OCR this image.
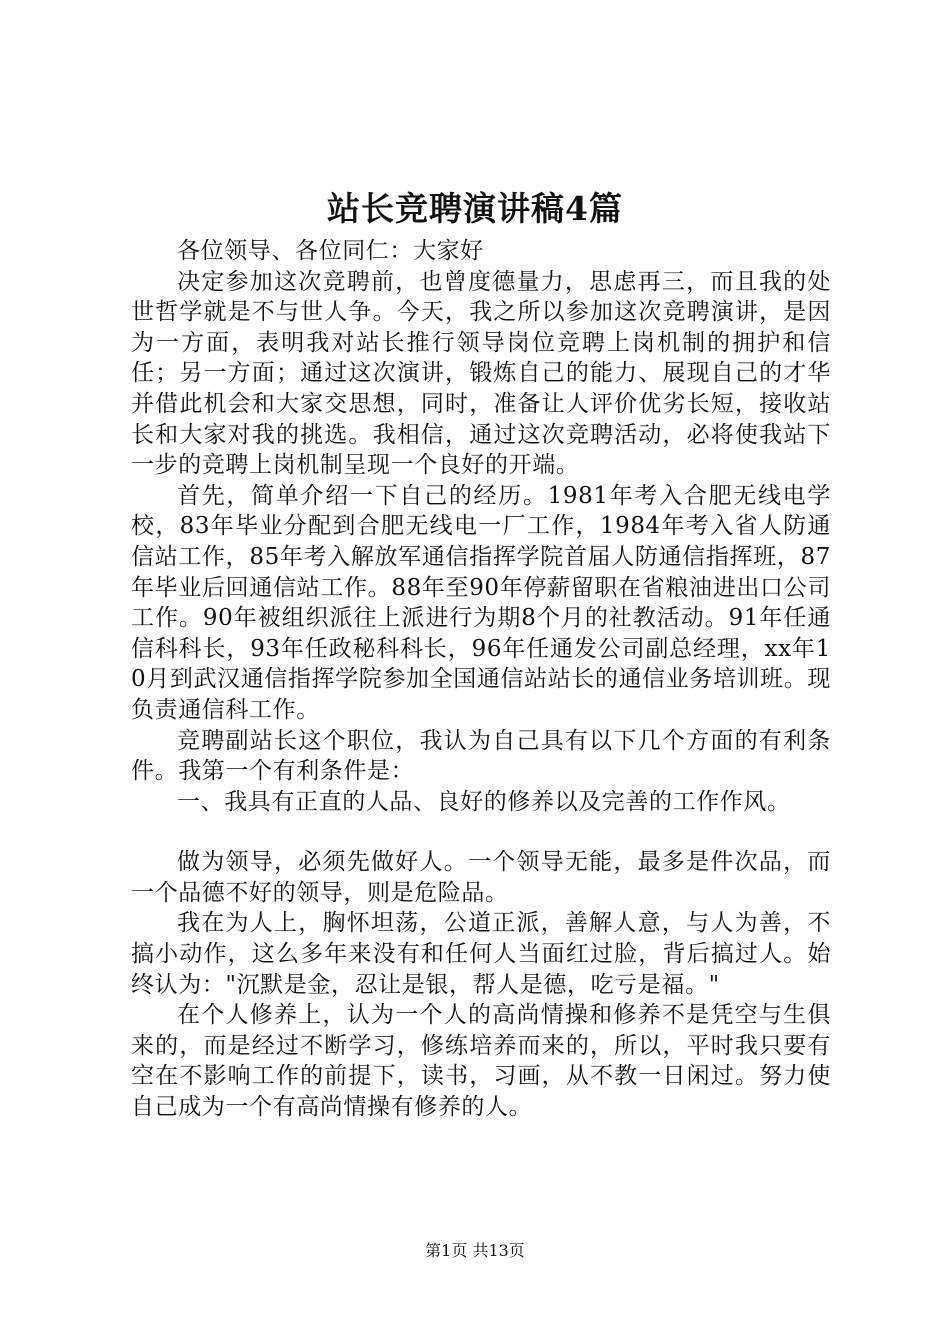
站长竞聘演讲稿4篇

各位领导、各位同仁：大家好

决定参加这次竞聘前，也曾度德量力，思虑再三，而且我的处世哲学就是不与世人争。今天，我之所以参加这次竞聘演讲，是因为一方面，表明我对站长推行领导岗位竞聘上岗机制的拥护和信任；另一方面；通过这次演讲，锻炼自己的能力、展现自己的才华并借此机会和大家交思想，同时，准备让人评价优劣长短，接收站长和大家对我的挑选。我相信，通过这次竞聘活动，必将使我站下一步的竞聘上岗机制呈现一个良好的开端。

首先，简单介绍一下自己的经历。1981年考入合肥无线电学校，83年毕业分配到合肥无线电一厂工作，1984年考入省人防通信站工作，85年考入解放军通信指挥学院首届人防通信指挥班，87年毕业后回通信站工作。88年至90年停薪留职在省粮油进出口公司工作。90年被组织派往上派进行为期8个月的社教活动。91年任通信科科长，93年任政秘科科长，96年任通发公司副总经理，xx年10月到武汉通信指挥学院参加全国通信站站长的通信业务培训班。现负责通信科工作。

竞聘副站长这个职位，我认为自己具有以下几个方面的有利条件。我第一个有利条件是：

一、我具有正直的人品、良好的修养以及完善的工作作风。

做为领导，必须先做好人。一个领导无能，最多是件次品，而一个品德不好的领导，则是危险品。

我在为人上，胸怀坦荡，公道正派，善解人意，与人为善，不搞小动作，这么多年来没有和任何人当面红过脸，背后搞过人。始终认为："沉默是金，忍让是银，帮人是德，吃亏是福。"

在个人修养上，认为一个人的高尚情操和修养不是凭空与生俱来的，而是经过不断学习，修练培养而来的，所以，平时我只要有空在不影响工作的前提下，读书，习画，从不教一日闲过。努力使自己成为一个有高尚情操有修养的人。

第1页 共13页
